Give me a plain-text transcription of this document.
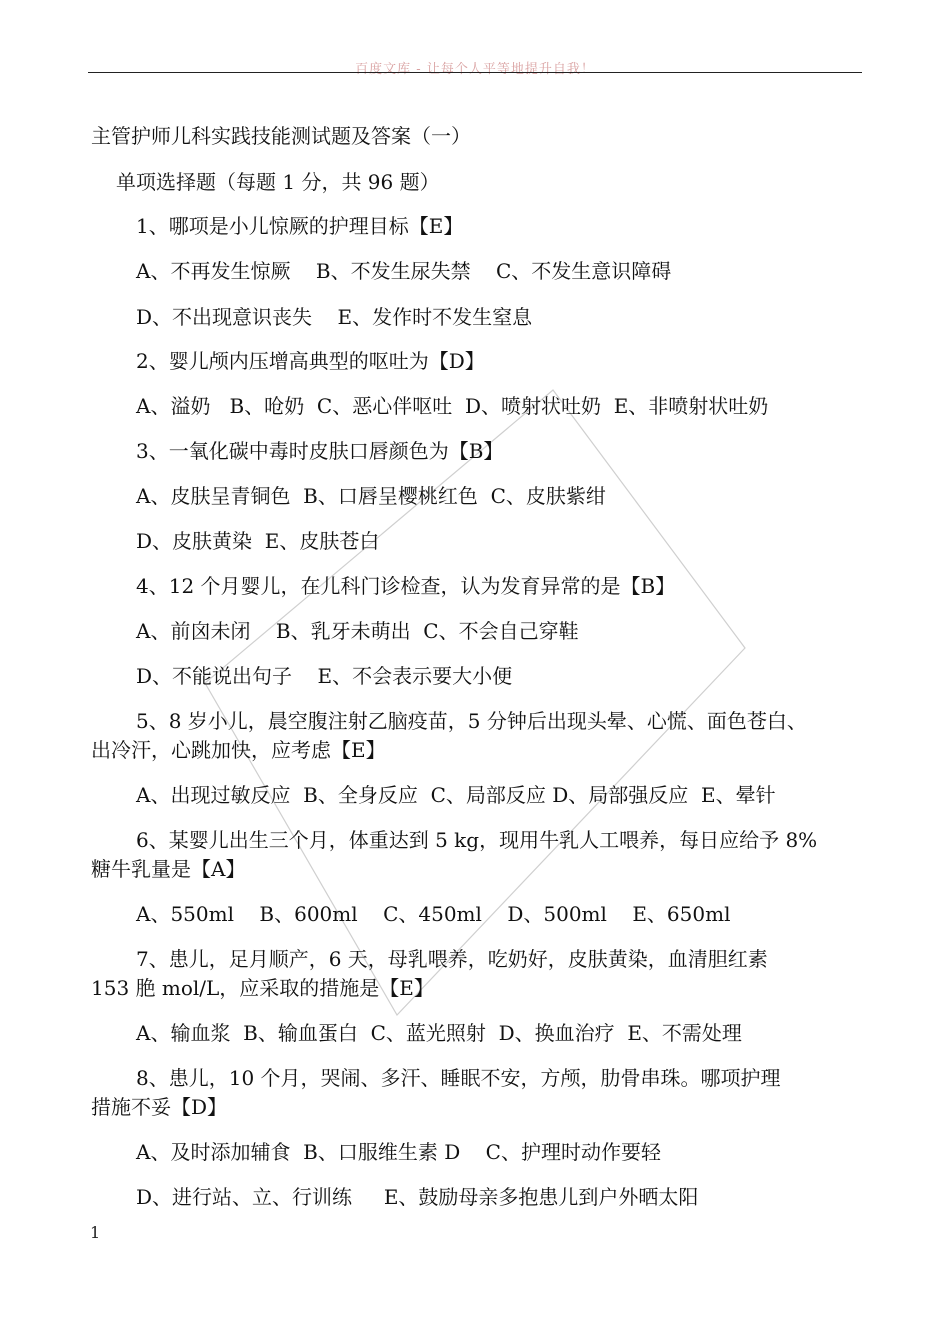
百度文库 - 让每个人平等地提升自我！
主管护师儿科实践技能测试题及答案（一）
单项选择题（每题 1 分，共 96 题）
1、哪项是小儿惊厥的护理目标【E】
A、不再发生惊厥    B、不发生尿失禁    C、不发生意识障碍
D、不出现意识丧失    E、发作时不发生窒息
2、婴儿颅内压增高典型的呕吐为【D】
A、溢奶   B、呛奶  C、恶心伴呕吐  D、喷射状吐奶  E、非喷射状吐奶
3、一氧化碳中毒时皮肤口唇颜色为【B】
A、皮肤呈青铜色  B、口唇呈樱桃红色  C、皮肤紫绀
D、皮肤黄染  E、皮肤苍白
4、12 个月婴儿，在儿科门诊检查，认为发育异常的是【B】
A、前囟未闭    B、乳牙未萌出  C、不会自己穿鞋
D、不能说出句子    E、不会表示要大小便
5、8 岁小儿，晨空腹注射乙脑疫苗，5 分钟后出现头晕、心慌、面色苍白、
出冷汗，心跳加快，应考虑【E】
A、出现过敏反应  B、全身反应  C、局部反应 D、局部强反应  E、晕针
6、某婴儿出生三个月，体重达到 5 kg，现用牛乳人工喂养，每日应给予 8%
糖牛乳量是【A】
A、550ml    B、600ml    C、450ml    D、500ml    E、650ml
7、患儿，足月顺产，6 天，母乳喂养，吃奶好，皮肤黄染，血清胆红素
153 脃 mol/L，应采取的措施是【E】
A、输血浆  B、输血蛋白  C、蓝光照射  D、换血治疗  E、不需处理
8、患儿，10 个月，哭闹、多汗、睡眠不安，方颅，肋骨串珠。哪项护理
措施不妥【D】
A、及时添加辅食  B、口服维生素 D    C、护理时动作要轻
D、进行站、立、行训练     E、鼓励母亲多抱患儿到户外晒太阳
1
